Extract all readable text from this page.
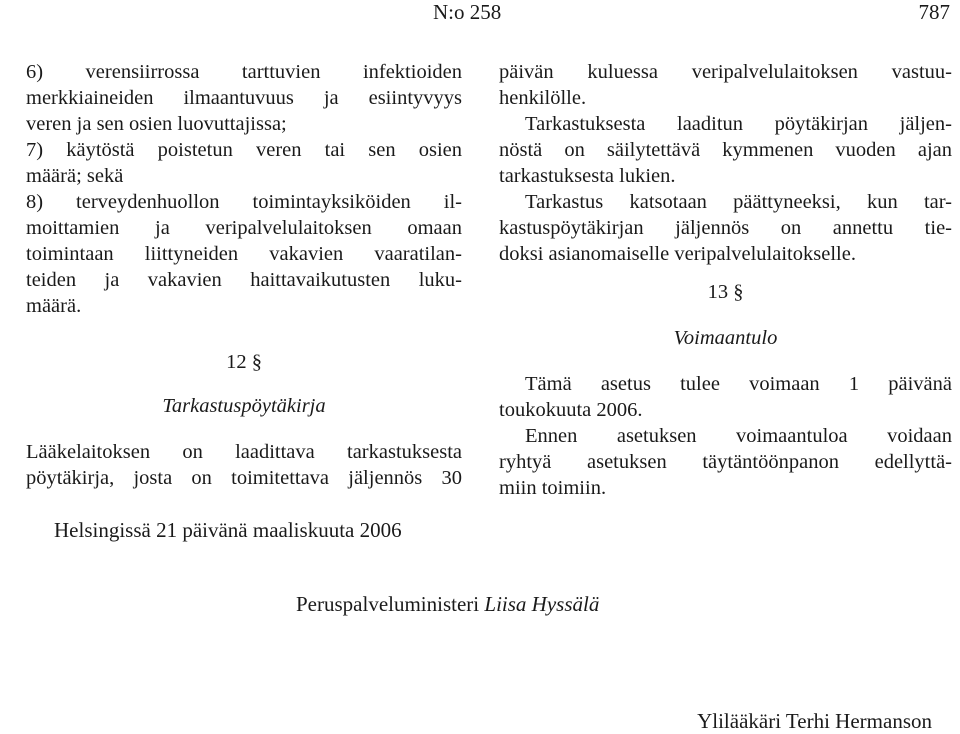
N:o 258	787

6) verensiirrossa tarttuvien infektioiden
merkkiaineiden ilmaantuvuus ja esiintyvyys
veren ja sen osien luovuttajissa;

7) käytöstä poistetun veren tai sen osien
määrä; sekä

8) terveydenhuollon toimintayksiköiden il-
moittamien ja veripalvelulaitoksen omaan
toimintaan liittyneiden vakavien vaaratilan-
teiden ja vakavien haittavaikutusten luku-
määrä.

12 §

Tarkastuspöytäkirja

Lääkelaitoksen on laadittava tarkastuksesta
pöytäkirja, josta on toimitettava jäljennös 30

päivän kuluessa veripalvelulaitoksen vastuu-
henkilölle.

Tarkastuksesta laaditun pöytäkirjan jäljen-
nöstä on säilytettävä kymmenen vuoden ajan
tarkastuksesta lukien.

Tarkastus katsotaan päättyneeksi, kun tar-
kastuspöytäkirjan jäljennös on annettu tie-
doksi asianomaiselle veripalvelulaitokselle.

13 §

Voimaantulo

Tämä asetus tulee voimaan 1 päivänä
toukokuuta 2006.

Ennen asetuksen voimaantuloa voidaan
ryhtyä asetuksen täytäntöönpanon edellyttä-
miin toimiin.

Helsingissä 21 päivänä maaliskuuta 2006
Peruspalveluministeri Liisa Hyssälä
Ylilääkäri Terhi Hermanson
